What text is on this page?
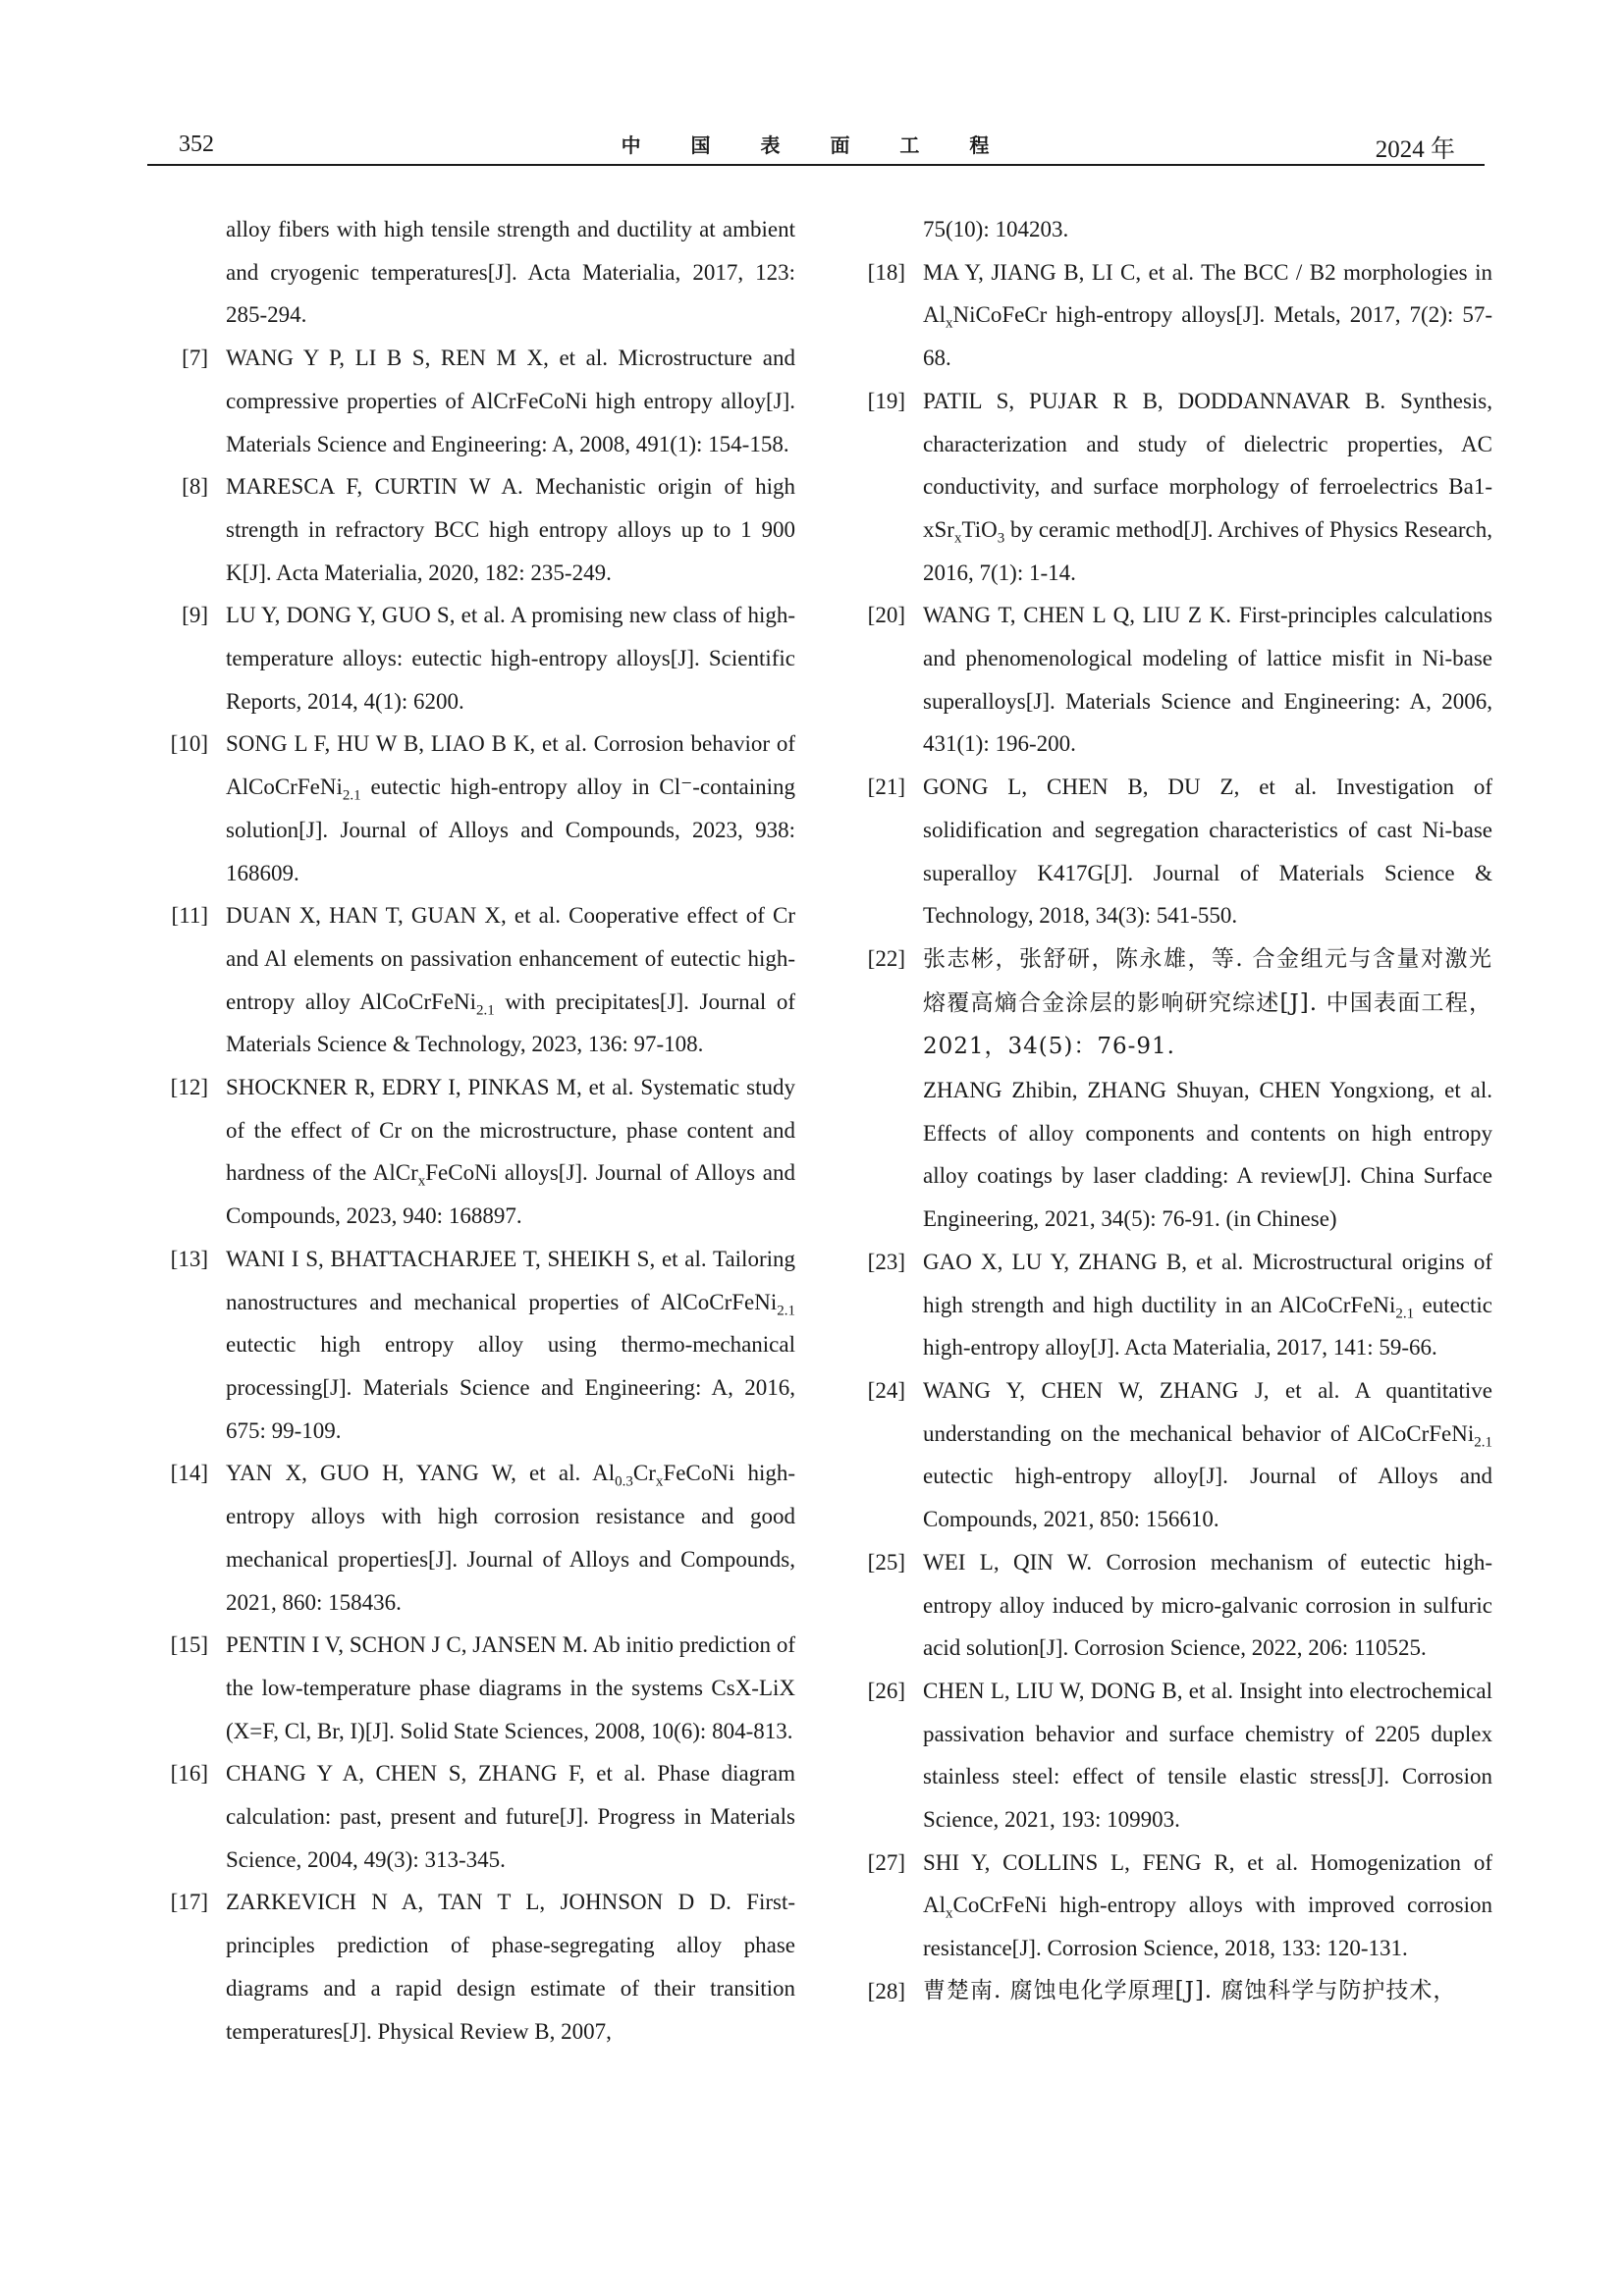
352	中 国 表 面 工 程	2024 年
alloy fibers with high tensile strength and ductility at ambient and cryogenic temperatures[J]. Acta Materialia, 2017, 123: 285-294.
[7] WANG Y P, LI B S, REN M X, et al. Microstructure and compressive properties of AlCrFeCoNi high entropy alloy[J]. Materials Science and Engineering: A, 2008, 491(1): 154-158.
[8] MARESCA F, CURTIN W A. Mechanistic origin of high strength in refractory BCC high entropy alloys up to 1 900 K[J]. Acta Materialia, 2020, 182: 235-249.
[9] LU Y, DONG Y, GUO S, et al. A promising new class of high-temperature alloys: eutectic high-entropy alloys[J]. Scientific Reports, 2014, 4(1): 6200.
[10] SONG L F, HU W B, LIAO B K, et al. Corrosion behavior of AlCoCrFeNi$_{2.1}$ eutectic high-entropy alloy in Cl⁻-containing solution[J]. Journal of Alloys and Compounds, 2023, 938: 168609.
[11] DUAN X, HAN T, GUAN X, et al. Cooperative effect of Cr and Al elements on passivation enhancement of eutectic high-entropy alloy AlCoCrFeNi$_{2.1}$ with precipitates[J]. Journal of Materials Science & Technology, 2023, 136: 97-108.
[12] SHOCKNER R, EDRY I, PINKAS M, et al. Systematic study of the effect of Cr on the microstructure, phase content and hardness of the AlCr$_x$FeCoNi alloys[J]. Journal of Alloys and Compounds, 2023, 940: 168897.
[13] WANI I S, BHATTACHARJEE T, SHEIKH S, et al. Tailoring nanostructures and mechanical properties of AlCoCrFeNi$_{2.1}$ eutectic high entropy alloy using thermo-mechanical processing[J]. Materials Science and Engineering: A, 2016, 675: 99-109.
[14] YAN X, GUO H, YANG W, et al. $Al_{0.3}Cr_xFeCoNi$ high-entropy alloys with high corrosion resistance and good mechanical properties[J]. Journal of Alloys and Compounds, 2021, 860: 158436.
[15] PENTIN I V, SCHON J C, JANSEN M. Ab initio prediction of the low-temperature phase diagrams in the systems CsX-LiX (X=F, Cl, Br, I)[J]. Solid State Sciences, 2008, 10(6): 804-813.
[16] CHANG Y A, CHEN S, ZHANG F, et al. Phase diagram calculation: past, present and future[J]. Progress in Materials Science, 2004, 49(3): 313-345.
[17] ZARKEVICH N A, TAN T L, JOHNSON D D. First-principles prediction of phase-segregating alloy phase diagrams and a rapid design estimate of their transition temperatures[J]. Physical Review B, 2007,
75(10): 104203.
[18] MA Y, JIANG B, LI C, et al. The BCC / B2 morphologies in $Al_xNiCoFeCr$ high-entropy alloys[J]. Metals, 2017, 7(2): 57-68.
[19] PATIL S, PUJAR R B, DODDANNAVAR B. Synthesis, characterization and study of dielectric properties, AC conductivity, and surface morphology of ferroelectrics Ba1-xSr$_x$TiO$_3$ by ceramic method[J]. Archives of Physics Research, 2016, 7(1): 1-14.
[20] WANG T, CHEN L Q, LIU Z K. First-principles calculations and phenomenological modeling of lattice misfit in Ni-base superalloys[J]. Materials Science and Engineering: A, 2006, 431(1): 196-200.
[21] GONG L, CHEN B, DU Z, et al. Investigation of solidification and segregation characteristics of cast Ni-base superalloy K417G[J]. Journal of Materials Science & Technology, 2018, 34(3): 541-550.
[22] 张志彬，张舒研，陈永雄，等. 合金组元与含量对激光熔覆高熵合金涂层的影响研究综述[J]. 中国表面工程，2021，34(5)：76-91.
ZHANG Zhibin, ZHANG Shuyan, CHEN Yongxiong, et al. Effects of alloy components and contents on high entropy alloy coatings by laser cladding: A review[J]. China Surface Engineering, 2021, 34(5): 76-91. (in Chinese)
[23] GAO X, LU Y, ZHANG B, et al. Microstructural origins of high strength and high ductility in an AlCoCrFeNi$_{2.1}$ eutectic high-entropy alloy[J]. Acta Materialia, 2017, 141: 59-66.
[24] WANG Y, CHEN W, ZHANG J, et al. A quantitative understanding on the mechanical behavior of AlCoCrFeNi$_{2.1}$ eutectic high-entropy alloy[J]. Journal of Alloys and Compounds, 2021, 850: 156610.
[25] WEI L, QIN W. Corrosion mechanism of eutectic high-entropy alloy induced by micro-galvanic corrosion in sulfuric acid solution[J]. Corrosion Science, 2022, 206: 110525.
[26] CHEN L, LIU W, DONG B, et al. Insight into electrochemical passivation behavior and surface chemistry of 2205 duplex stainless steel: effect of tensile elastic stress[J]. Corrosion Science, 2021, 193: 109903.
[27] SHI Y, COLLINS L, FENG R, et al. Homogenization of $Al_xCoCrFeNi$ high-entropy alloys with improved corrosion resistance[J]. Corrosion Science, 2018, 133: 120-131.
[28] 曹楚南. 腐蚀电化学原理[J]. 腐蚀科学与防护技术，
